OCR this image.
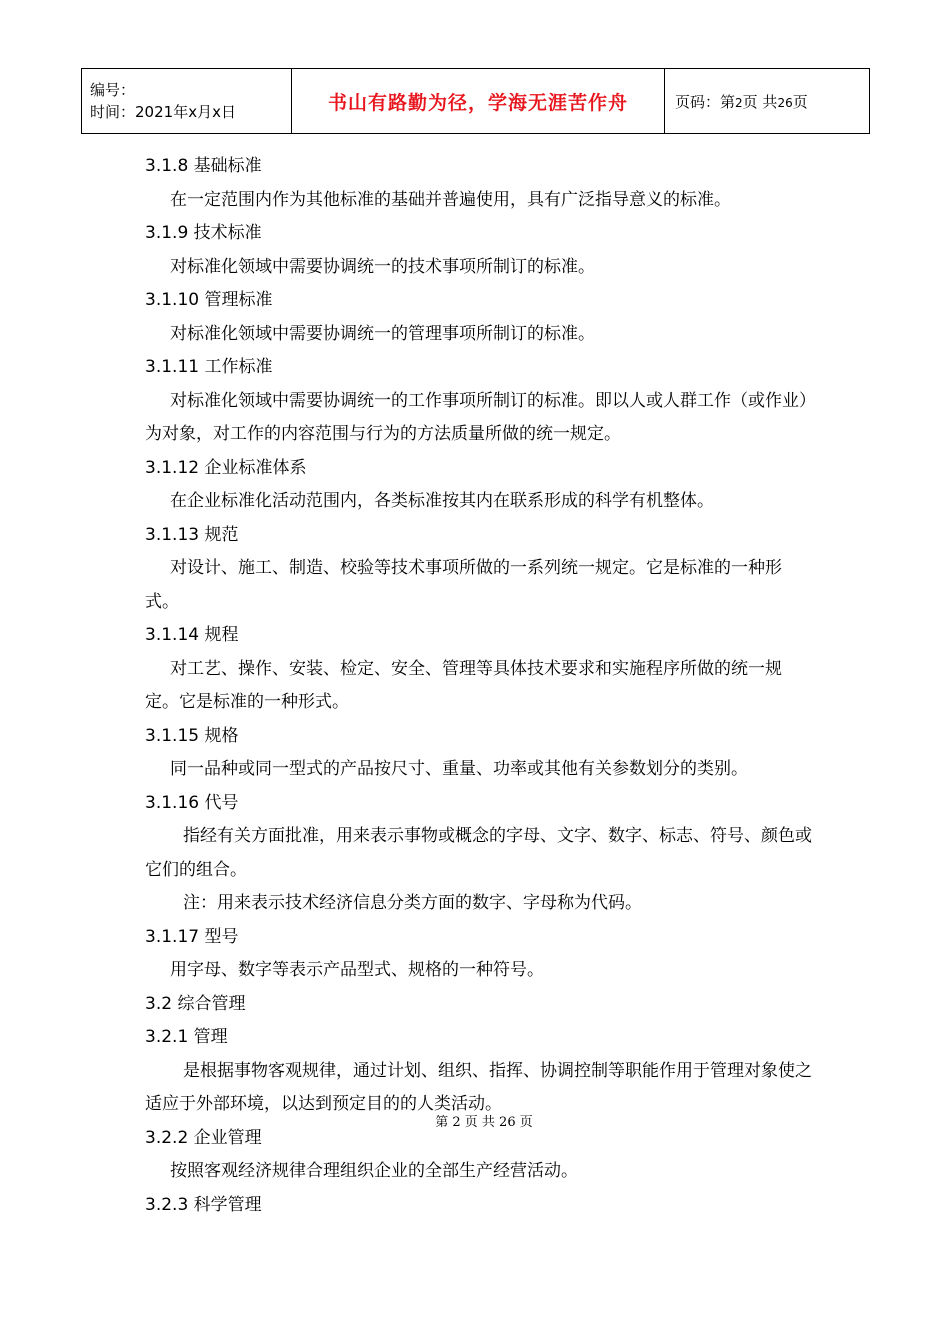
编号：
时间：2021年x月x日	书山有路勤为径，学海无涯苦作舟	页码：第2页 共26页

3.1.8 基础标准

在一定范围内作为其他标准的基础并普遍使用，具有广泛指导意义的标准。

3.1.9 技术标准

对标准化领域中需要协调统一的技术事项所制订的标准。

3.1.10 管理标准

对标准化领域中需要协调统一的管理事项所制订的标准。

3.1.11 工作标准

对标准化领域中需要协调统一的工作事项所制订的标准。即以人或人群工作（或作业）为对象，对工作的内容范围与行为的方法质量所做的统一规定。

3.1.12 企业标准体系

在企业标准化活动范围内，各类标准按其内在联系形成的科学有机整体。

3.1.13 规范

对设计、施工、制造、校验等技术事项所做的一系列统一规定。它是标准的一种形式。

3.1.14 规程

对工艺、操作、安装、检定、安全、管理等具体技术要求和实施程序所做的统一规定。它是标准的一种形式。

3.1.15 规格

同一品种或同一型式的产品按尺寸、重量、功率或其他有关参数划分的类别。

3.1.16 代号

指经有关方面批准，用来表示事物或概念的字母、文字、数字、标志、符号、颜色或它们的组合。

注：用来表示技术经济信息分类方面的数字、字母称为代码。

3.1.17 型号

用字母、数字等表示产品型式、规格的一种符号。

3.2 综合管理

3.2.1 管理

是根据事物客观规律，通过计划、组织、指挥、协调控制等职能作用于管理对象使之适应于外部环境，以达到预定目的的人类活动。

3.2.2 企业管理

按照客观经济规律合理组织企业的全部生产经营活动。

3.2.3 科学管理

第 2 页 共 26 页
